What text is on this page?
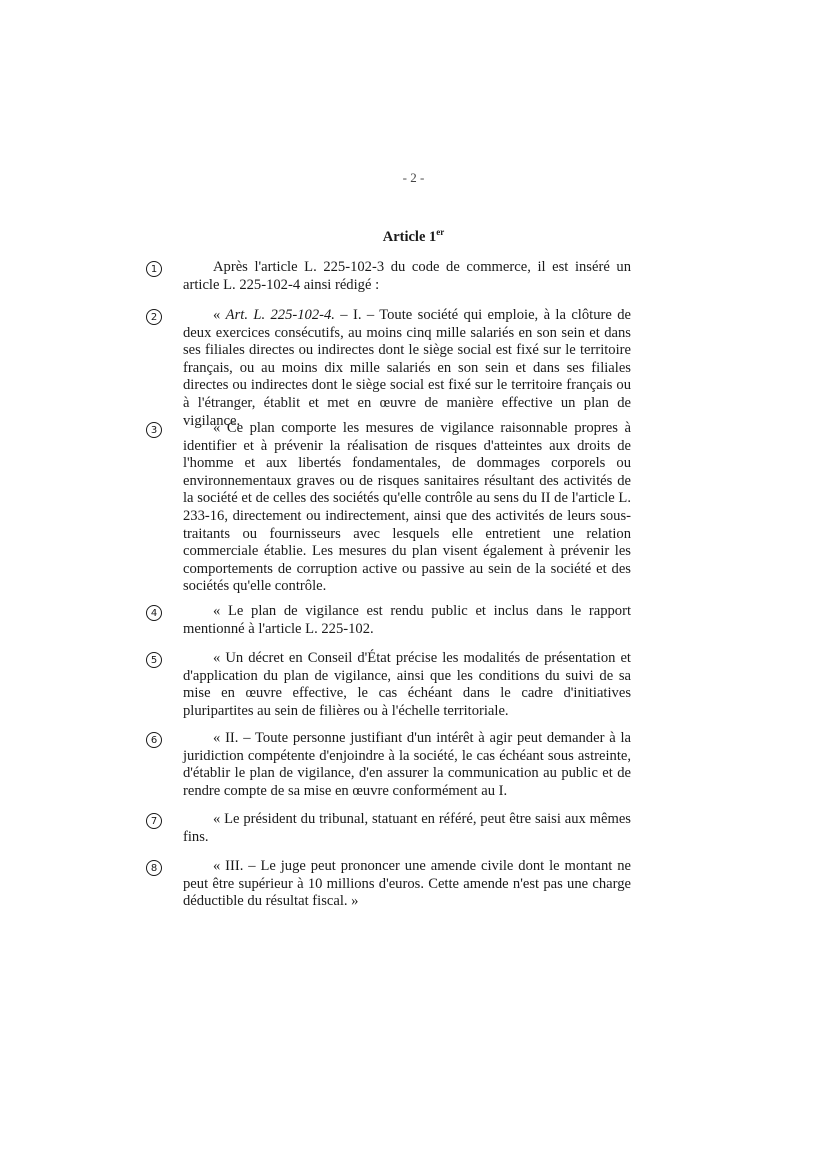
- 2 -
Article 1er
1	Après l'article L. 225-102-3 du code de commerce, il est inséré un article L. 225-102-4 ainsi rédigé :
2	« Art. L. 225-102-4. – I. – Toute société qui emploie, à la clôture de deux exercices consécutifs, au moins cinq mille salariés en son sein et dans ses filiales directes ou indirectes dont le siège social est fixé sur le territoire français, ou au moins dix mille salariés en son sein et dans ses filiales directes ou indirectes dont le siège social est fixé sur le territoire français ou à l'étranger, établit et met en œuvre de manière effective un plan de vigilance.
3	« Ce plan comporte les mesures de vigilance raisonnable propres à identifier et à prévenir la réalisation de risques d'atteintes aux droits de l'homme et aux libertés fondamentales, de dommages corporels ou environnementaux graves ou de risques sanitaires résultant des activités de la société et de celles des sociétés qu'elle contrôle au sens du II de l'article L. 233-16, directement ou indirectement, ainsi que des activités de leurs sous-traitants ou fournisseurs avec lesquels elle entretient une relation commerciale établie. Les mesures du plan visent également à prévenir les comportements de corruption active ou passive au sein de la société et des sociétés qu'elle contrôle.
4	« Le plan de vigilance est rendu public et inclus dans le rapport mentionné à l'article L. 225-102.
5	« Un décret en Conseil d'État précise les modalités de présentation et d'application du plan de vigilance, ainsi que les conditions du suivi de sa mise en œuvre effective, le cas échéant dans le cadre d'initiatives pluripartites au sein de filières ou à l'échelle territoriale.
6	« II. – Toute personne justifiant d'un intérêt à agir peut demander à la juridiction compétente d'enjoindre à la société, le cas échéant sous astreinte, d'établir le plan de vigilance, d'en assurer la communication au public et de rendre compte de sa mise en œuvre conformément au I.
7	« Le président du tribunal, statuant en référé, peut être saisi aux mêmes fins.
8	« III. – Le juge peut prononcer une amende civile dont le montant ne peut être supérieur à 10 millions d'euros. Cette amende n'est pas une charge déductible du résultat fiscal. »
